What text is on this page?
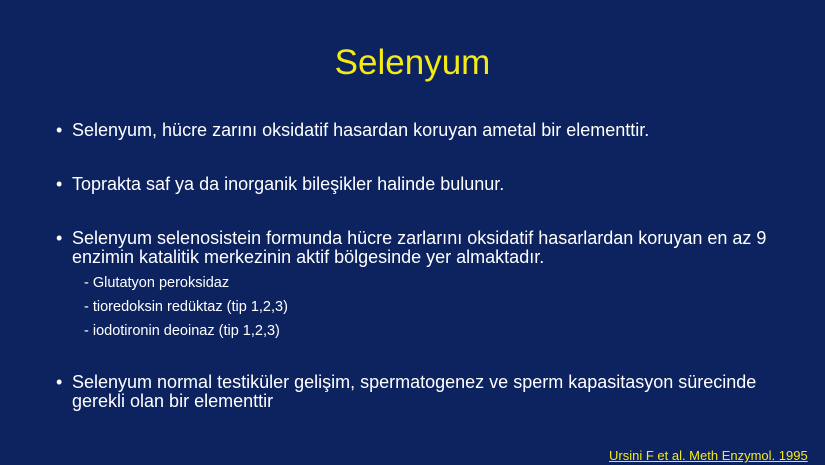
Selenyum
• Selenyum, hücre zarını oksidatif hasardan koruyan ametal bir elementtir.
• Toprakta saf ya da inorganik bileşikler halinde bulunur.
• Selenyum selenosistein formunda hücre zarlarını oksidatif hasarlardan koruyan en az 9 enzimin katalitik merkezinin aktif bölgesinde yer almaktadır.
- Glutatyon peroksidaz
- tioredoksin redüktaz (tip 1,2,3)
- iodotironin deoinaz (tip 1,2,3)
• Selenyum normal testiküler gelişim, spermatogenez ve sperm kapasitasyon sürecinde gerekli olan bir elementtir
Ursini F et al. Meth Enzymol. 1995
